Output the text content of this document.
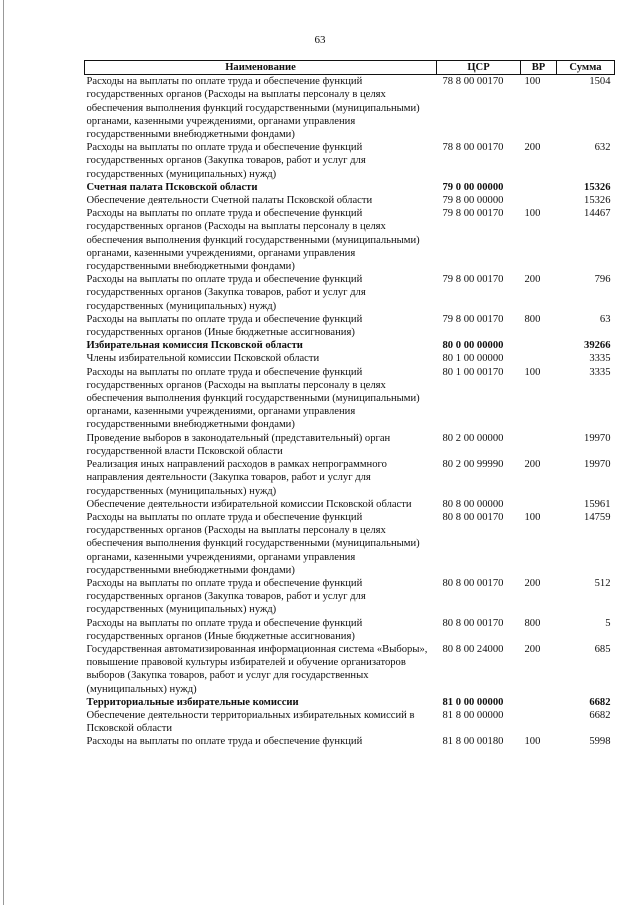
63
Наименование	ЦСР	ВР	Сумма
Расходы на выплаты по оплате труда и обеспечение функций государственных органов (Расходы на выплаты персоналу в целях обеспечения выполнения функций государственными (муниципальными) органами, казенными учреждениями, органами управления государственными внебюджетными фондами)	78 8 00 00170	100	1504
Расходы на выплаты по оплате труда и обеспечение функций государственных органов (Закупка товаров, работ и услуг для государственных (муниципальных) нужд)	78 8 00 00170	200	632
Счетная палата Псковской области	79 0 00 00000		15326
Обеспечение деятельности Счетной палаты Псковской области	79 8 00 00000		15326
Расходы на выплаты по оплате труда и обеспечение функций государственных органов (Расходы на выплаты персоналу в целях обеспечения выполнения функций государственными (муниципальными) органами, казенными учреждениями, органами управления государственными внебюджетными фондами)	79 8 00 00170	100	14467
Расходы на выплаты по оплате труда и обеспечение функций государственных органов (Закупка товаров, работ и услуг для государственных (муниципальных) нужд)	79 8 00 00170	200	796
Расходы на выплаты по оплате труда и обеспечение функций государственных органов (Иные бюджетные ассигнования)	79 8 00 00170	800	63
Избирательная комиссия Псковской области	80 0 00 00000		39266
Члены избирательной комиссии Псковской области	80 1 00 00000		3335
Расходы на выплаты по оплате труда и обеспечение функций государственных органов (Расходы на выплаты персоналу в целях обеспечения выполнения функций государственными (муниципальными) органами, казенными учреждениями, органами управления государственными внебюджетными фондами)	80 1 00 00170	100	3335
Проведение выборов в законодательный (представительный) орган государственной власти Псковской области	80 2 00 00000		19970
Реализация иных направлений расходов в рамках непрограммного направления деятельности (Закупка товаров, работ и услуг для государственных (муниципальных) нужд)	80 2 00 99990	200	19970
Обеспечение деятельности избирательной комиссии Псковской области	80 8 00 00000		15961
Расходы на выплаты по оплате труда и обеспечение функций государственных органов (Расходы на выплаты персоналу в целях обеспечения выполнения функций государственными (муниципальными) органами, казенными учреждениями, органами управления государственными внебюджетными фондами)	80 8 00 00170	100	14759
Расходы на выплаты по оплате труда и обеспечение функций государственных органов (Закупка товаров, работ и услуг для государственных (муниципальных) нужд)	80 8 00 00170	200	512
Расходы на выплаты по оплате труда и обеспечение функций государственных органов (Иные бюджетные ассигнования)	80 8 00 00170	800	5
Государственная автоматизированная информационная система «Выборы», повышение правовой культуры избирателей и обучение организаторов выборов (Закупка товаров, работ и услуг для государственных (муниципальных) нужд)	80 8 00 24000	200	685
Территориальные избирательные комиссии	81 0 00 00000		6682
Обеспечение деятельности территориальных избирательных комиссий в Псковской области	81 8 00 00000		6682
Расходы на выплаты по оплате труда и обеспечение функций	81 8 00 00180	100	5998
